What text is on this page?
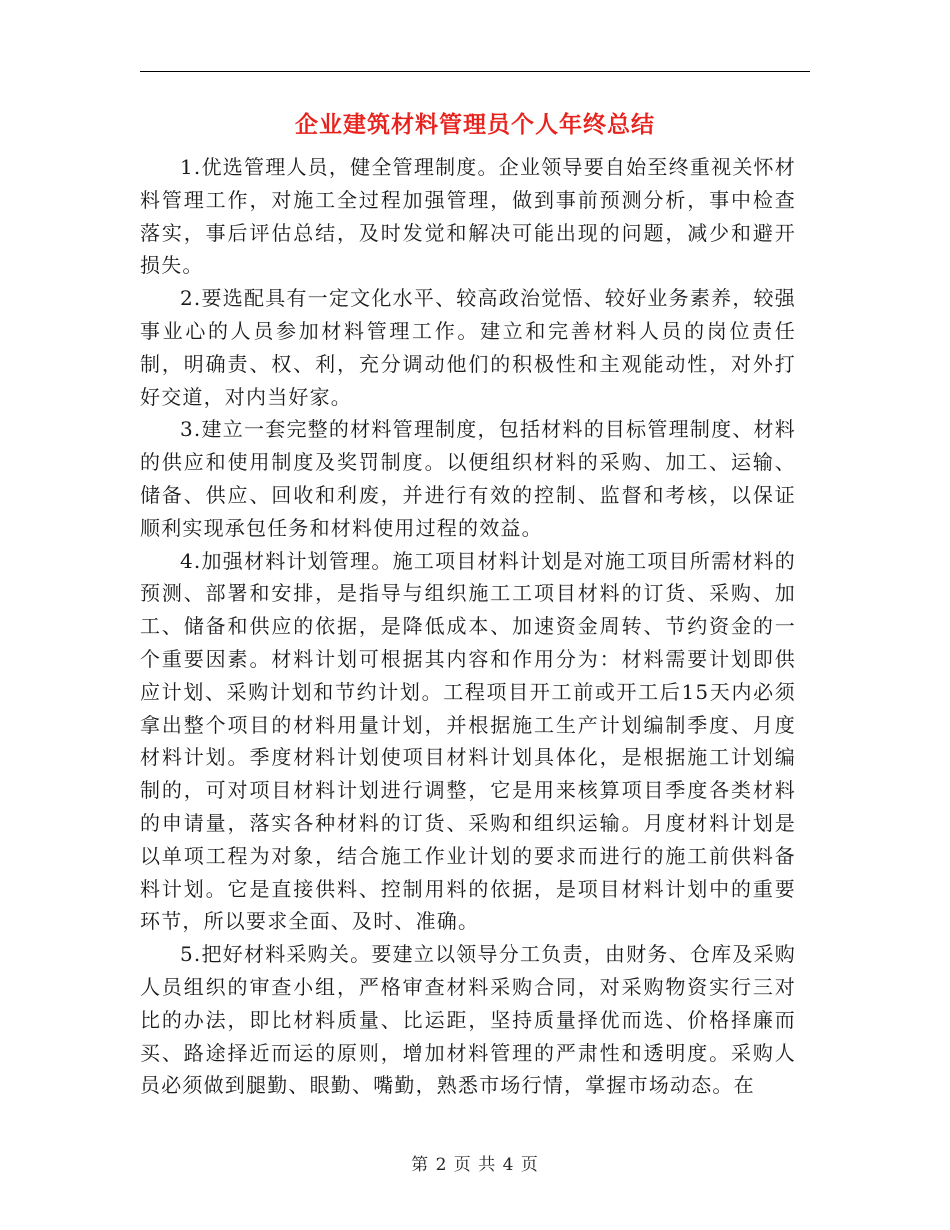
企业建筑材料管理员个人年终总结

1.优选管理人员，健全管理制度。企业领导要自始至终重视关怀材料管理工作，对施工全过程加强管理，做到事前预测分析，事中检查落实，事后评估总结，及时发觉和解决可能出现的问题，减少和避开损失。

2.要选配具有一定文化水平、较高政治觉悟、较好业务素养，较强事业心的人员参加材料管理工作。建立和完善材料人员的岗位责任制，明确责、权、利，充分调动他们的积极性和主观能动性，对外打好交道，对内当好家。

3.建立一套完整的材料管理制度，包括材料的目标管理制度、材料的供应和使用制度及奖罚制度。以便组织材料的采购、加工、运输、储备、供应、回收和利废，并进行有效的控制、监督和考核，以保证顺利实现承包任务和材料使用过程的效益。

4.加强材料计划管理。施工项目材料计划是对施工项目所需材料的预测、部署和安排，是指导与组织施工工项目材料的订货、采购、加工、储备和供应的依据，是降低成本、加速资金周转、节约资金的一个重要因素。材料计划可根据其内容和作用分为：材料需要计划即供应计划、采购计划和节约计划。工程项目开工前或开工后15天内必须拿出整个项目的材料用量计划，并根据施工生产计划编制季度、月度材料计划。季度材料计划使项目材料计划具体化，是根据施工计划编制的，可对项目材料计划进行调整，它是用来核算项目季度各类材料的申请量，落实各种材料的订货、采购和组织运输。月度材料计划是以单项工程为对象，结合施工作业计划的要求而进行的施工前供料备料计划。它是直接供料、控制用料的依据，是项目材料计划中的重要环节，所以要求全面、及时、准确。

5.把好材料采购关。要建立以领导分工负责，由财务、仓库及采购人员组织的审查小组，严格审查材料采购合同，对采购物资实行三对比的办法，即比材料质量、比运距，坚持质量择优而选、价格择廉而买、路途择近而运的原则，增加材料管理的严肃性和透明度。采购人员必须做到腿勤、眼勤、嘴勤，熟悉市场行情，掌握市场动态。在

第 2 页 共 4 页
